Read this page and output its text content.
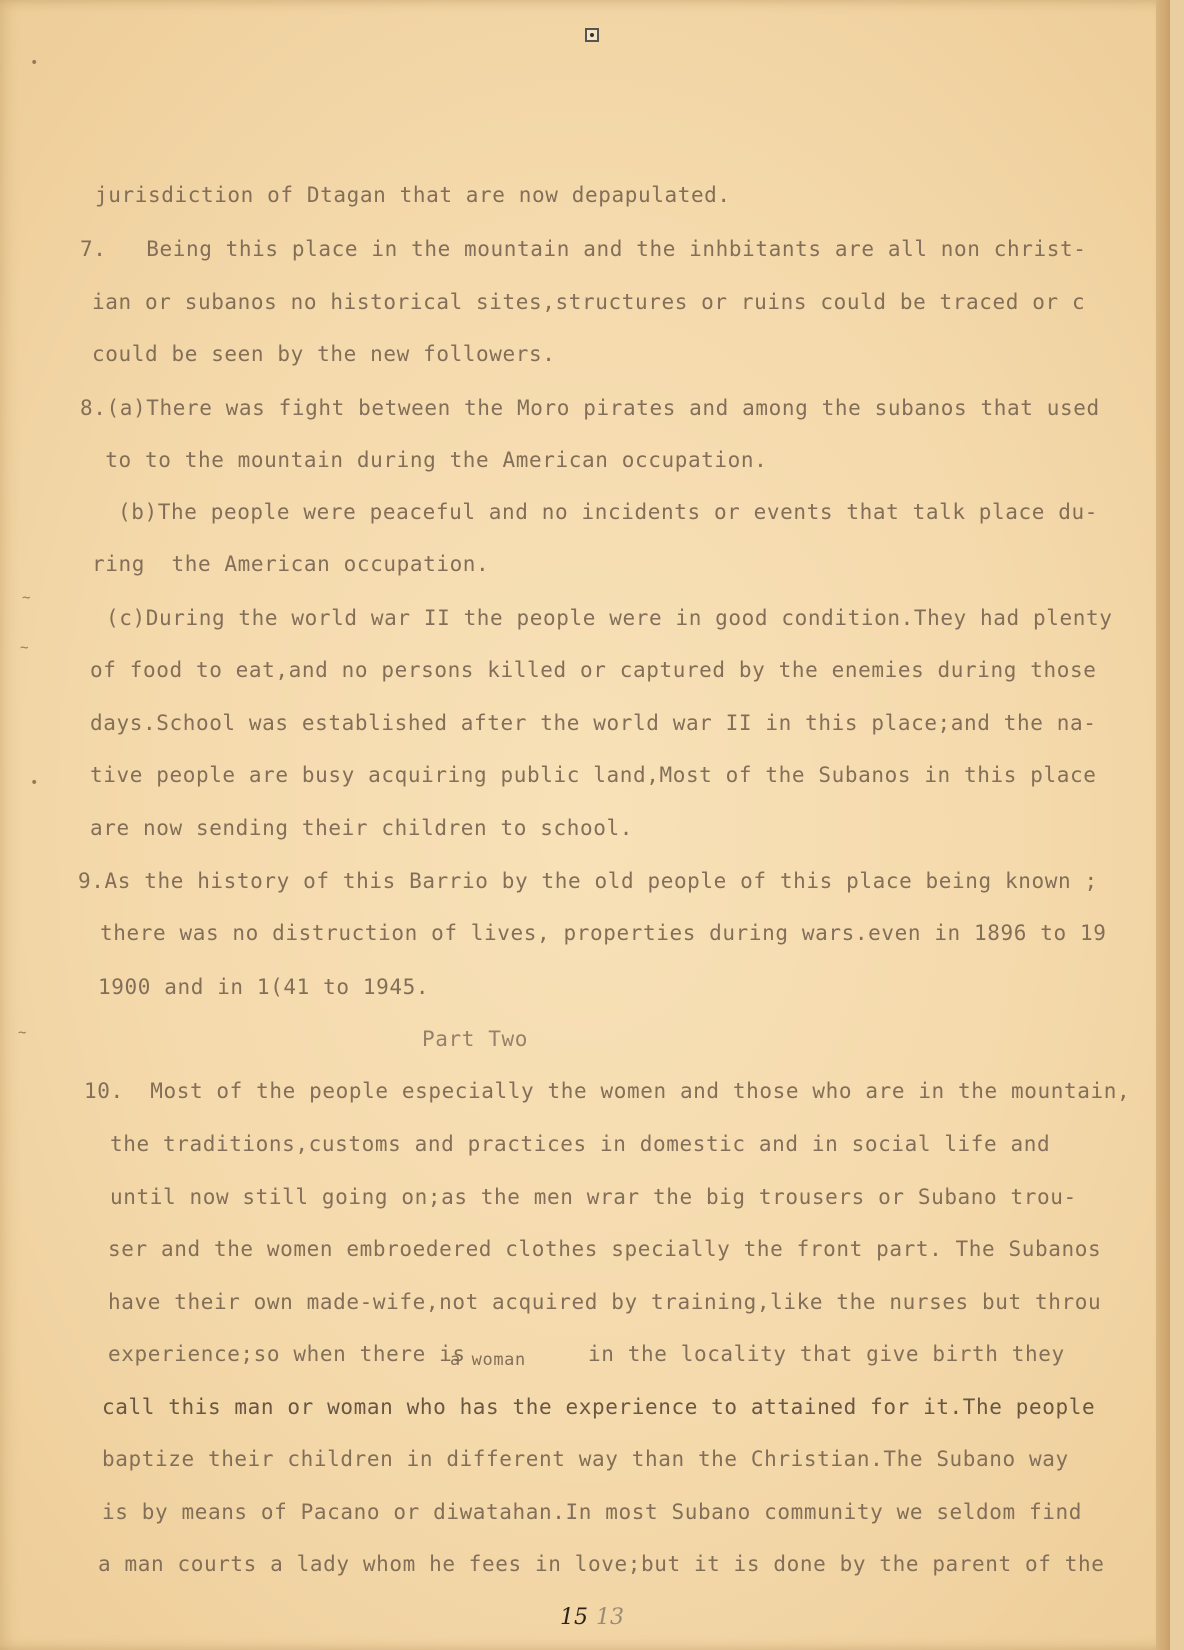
•
~
~
•
~

jurisdiction of Dtagan that are now depapulated.

7.   Being this place in the mountain and the inhbitants are all non christ-

ian or subanos no historical sites,structures or ruins could be traced or c

could be seen by the new followers.

8.(a)There was fight between the Moro pirates and among the subanos that used

to to the mountain during the American occupation.

(b)The people were peaceful and no incidents or events that talk place du-

ring  the American occupation.

(c)During the world war II the people were in good condition.They had plenty

of food to eat,and no persons killed or captured by the enemies during those

days.School was established after the world war II in this place;and the na-

tive people are busy acquiring public land,Most of the Subanos in this place

are now sending their children to school.

9.As the history of this Barrio by the old people of this place being known ;

there was no distruction of lives, properties during wars.even in 1896 to 19

1900 and in 1(41 to 1945.

Part Two

10.  Most of the people especially the women and those who are in the mountain,

the traditions,customs and practices in domestic and in social life and

until now still going on;as the men wrar the big trousers or Subano trou-

ser and the women embroedered clothes specially the front part. The Subanos

have their own made-wife,not acquired by training,like the nurses but throu

experience;so when there is

a woman	in the locality that give birth they

call this man or woman who has the experience to attained for it.The people

baptize their children in different way than the Christian.The Subano way

is by means of Pacano or diwatahan.In most Subano community we seldom find

a man courts a lady whom he fees in love;but it is done by the parent of the

15 13
